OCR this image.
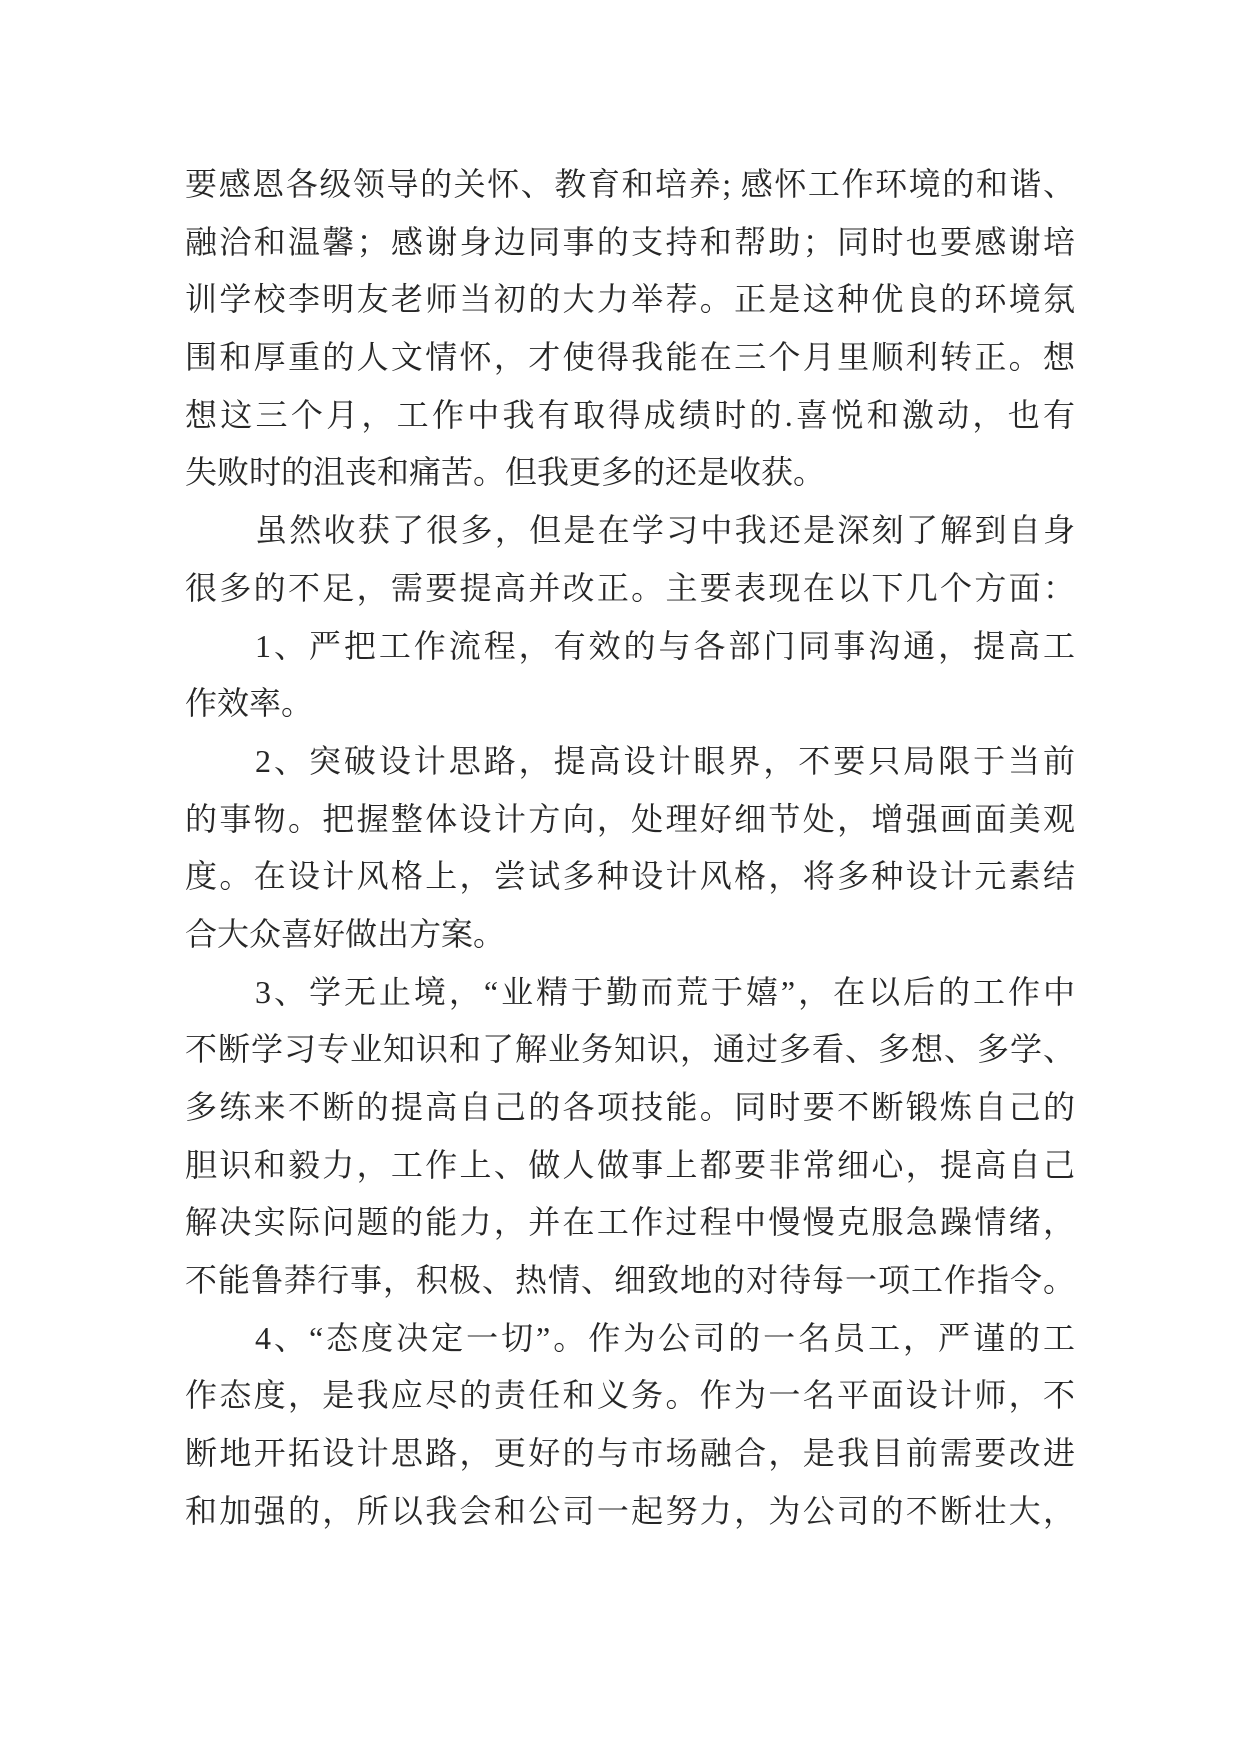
要感恩各级领导的关怀、教育和培养; 感怀工作环境的和谐、
融洽和温馨；感谢身边同事的支持和帮助；同时也要感谢培
训学校李明友老师当初的大力举荐。正是这种优良的环境氛
围和厚重的人文情怀，才使得我能在三个月里顺利转正。想
想这三个月，工作中我有取得成绩时的.喜悦和激动，也有
失败时的沮丧和痛苦。但我更多的还是收获。
虽然收获了很多，但是在学习中我还是深刻了解到自身
很多的不足，需要提高并改正。主要表现在以下几个方面：
1、严把工作流程，有效的与各部门同事沟通，提高工
作效率。
2、突破设计思路，提高设计眼界，不要只局限于当前
的事物。把握整体设计方向，处理好细节处，增强画面美观
度。在设计风格上，尝试多种设计风格，将多种设计元素结
合大众喜好做出方案。
3、学无止境，“业精于勤而荒于嬉”，在以后的工作中
不断学习专业知识和了解业务知识，通过多看、多想、多学、
多练来不断的提高自己的各项技能。同时要不断锻炼自己的
胆识和毅力，工作上、做人做事上都要非常细心，提高自己
解决实际问题的能力，并在工作过程中慢慢克服急躁情绪，
不能鲁莽行事，积极、热情、细致地的对待每一项工作指令。
4、“态度决定一切”。作为公司的一名员工，严谨的工
作态度，是我应尽的责任和义务。作为一名平面设计师，不
断地开拓设计思路，更好的与市场融合，是我目前需要改进
和加强的，所以我会和公司一起努力，为公司的不断壮大，
